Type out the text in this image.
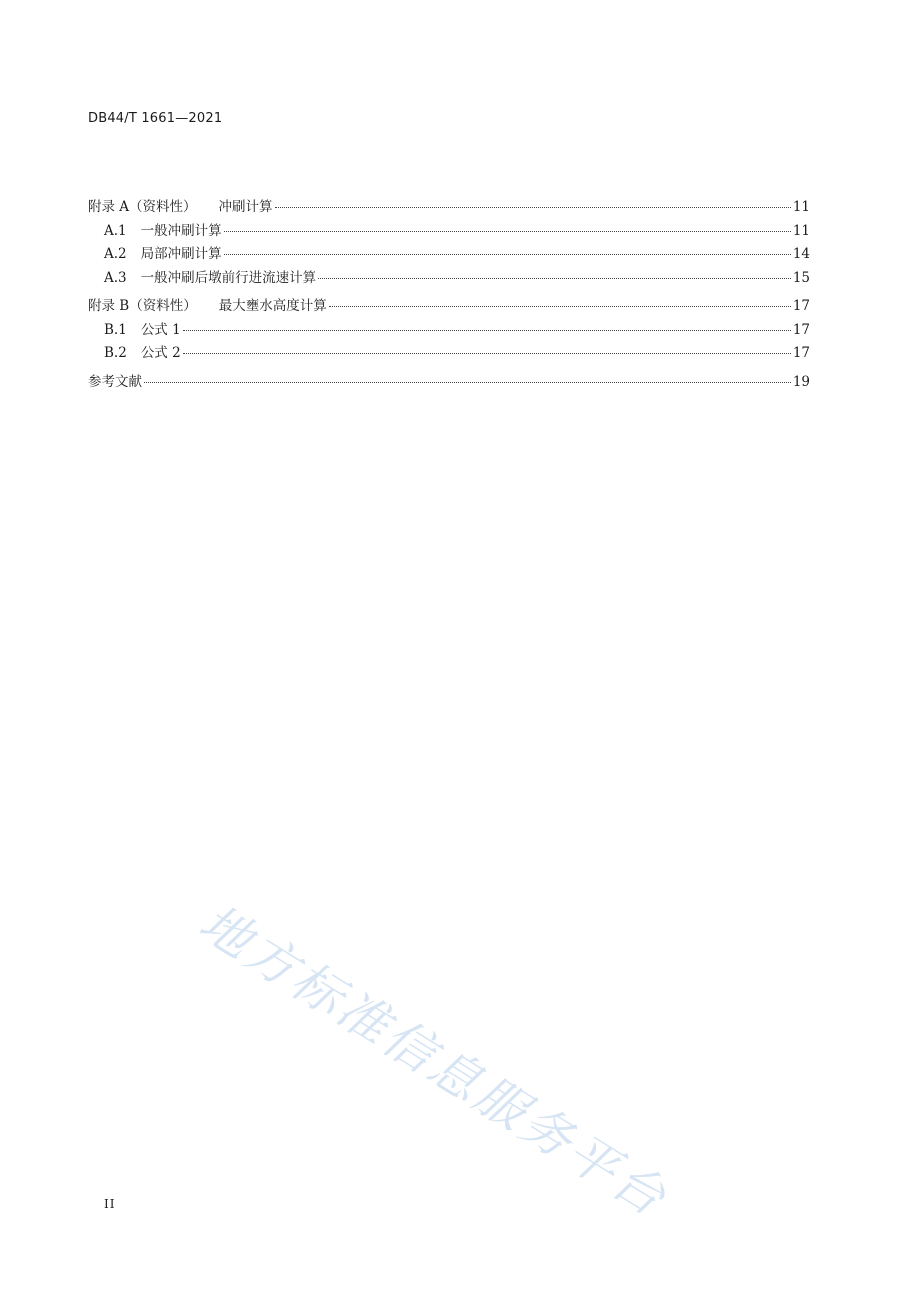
DB44/T 1661—2021
附录 A（资料性） 冲刷计算	11
A.1 一般冲刷计算	11
A.2 局部冲刷计算	14
A.3 一般冲刷后墩前行进流速计算	15
附录 B（资料性） 最大壅水高度计算	17
B.1 公式 1	17
B.2 公式 2	17
参考文献	19
地方标准信息服务平台
II
